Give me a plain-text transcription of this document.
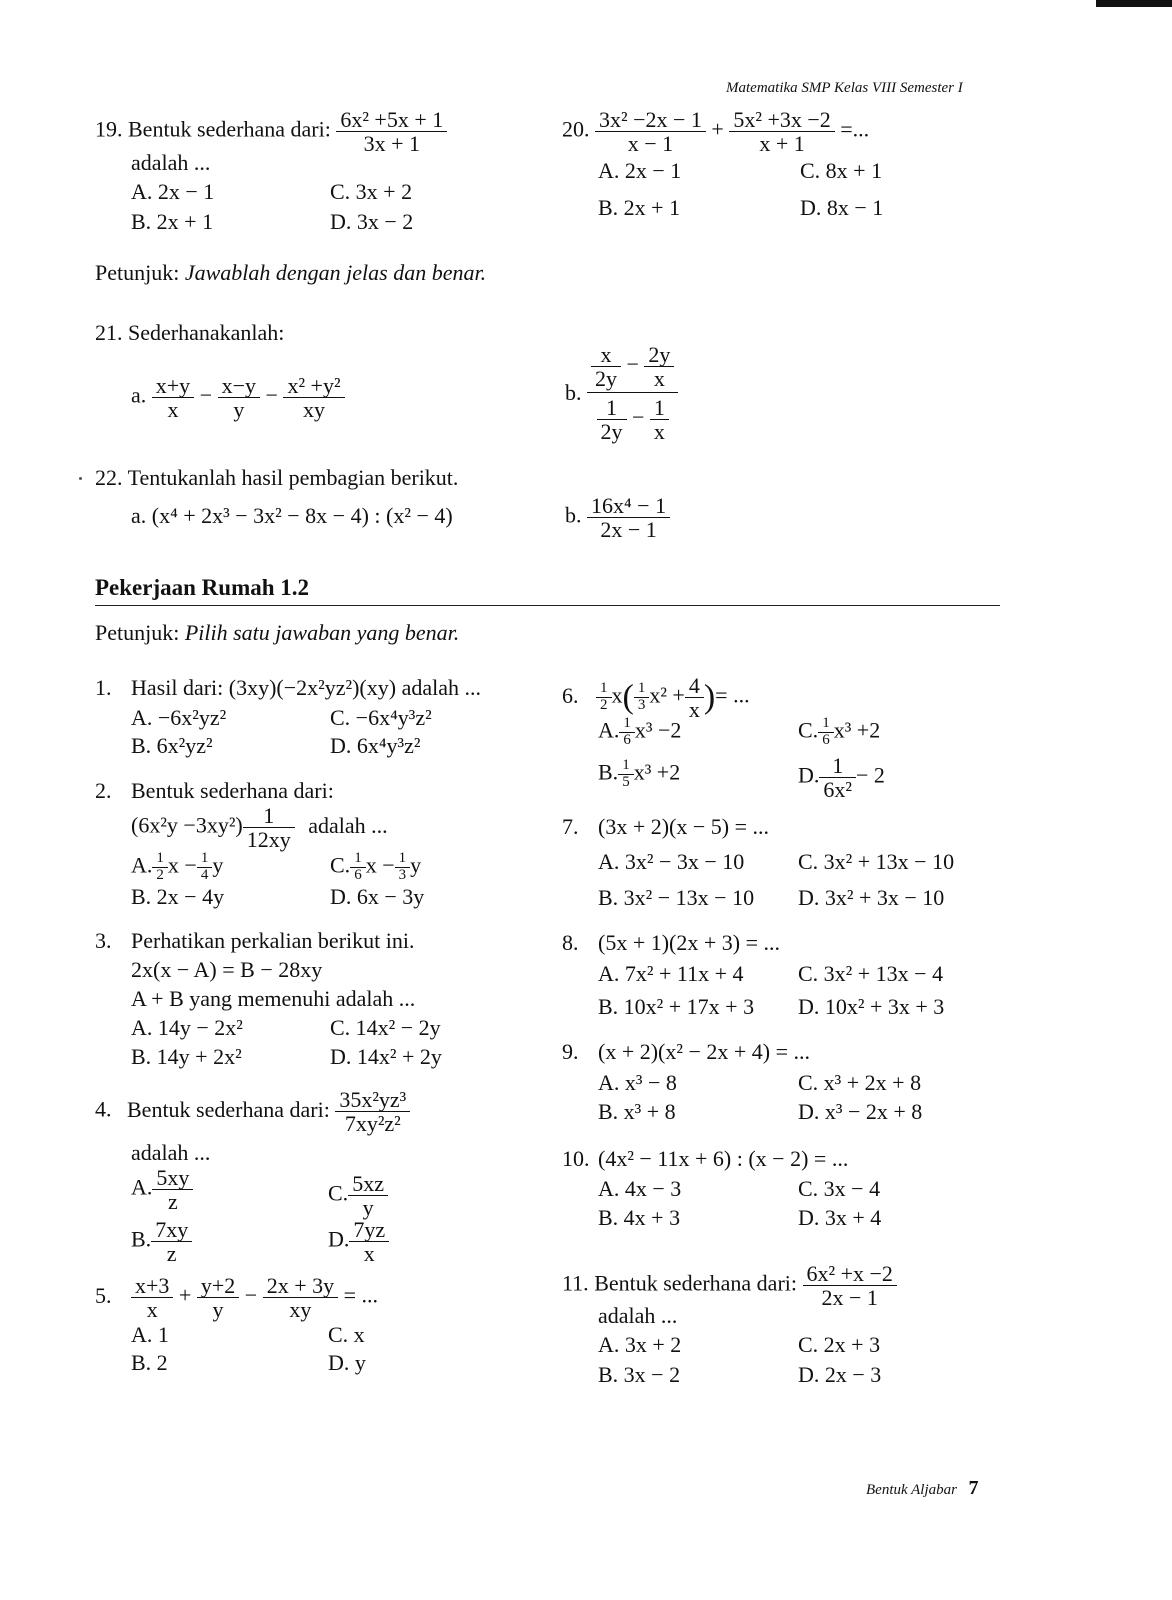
Matematika SMP Kelas VIII Semester I
19. Bentuk sederhana dari: $\frac{\text{6x² +5x + 1}}{3x + 1}$
adalah ...
A. 2x − 1
B. 2x + 1
C. 3x + 2
D. 3x − 2
20. $\frac{\text{3x² −2x − 1}}{x - 1} + \frac{\text{5x² +3x −2}}{x + 1}$ =...
A. 2x − 1
B. 2x + 1
C. 8x + 1
D. 8x − 1
Petunjuk: Jawablah dengan jelas dan benar.
21. Sederhanakanlah:
a. $\frac{x+y}{x} - \frac{x-y}{y} - \frac{\text{x² +y²}}{xy}$	b. $\frac{\frac{x}{2y} - \frac{2y}{x}}{\frac{1}{2y} - \frac{1}{x}}$
22. Tentukanlah hasil pembagian berikut.
a. (x⁴ + 2x³ − 3x² − 8x − 4) : (x² − 4)	b. $\frac{\text{16x⁴ − 1}}{2x - 1}$
Pekerjaan Rumah 1.2
Petunjuk: Pilih satu jawaban yang benar.
1. Hasil dari: (3xy)(−2x²yz²)(xy) adalah ...
A. −6x²yz²
B. 6x²yz²
C. −6x⁴y³z²
D. 6x⁴y³z²
2. Bentuk sederhana dari:
$(6x^2y -3xy^2) \frac{1}{12xy}$ adalah ...
A. $\frac{1}{2}$ $x - \frac{1}{4}$ y	C. $\frac{1}{6}$ $x - \frac{1}{3}$ y
B. 2x − 4y	D. 6x − 3y
3. Perhatikan perkalian berikut ini.
2x(x − A) = B − 28xy
A + B yang memenuhi adalah ...
A. 14y − 2x²
B. 14y + 2x²
C. 14x² − 2y
D. 14x² + 2y
4. Bentuk sederhana dari: $\frac{\text{35x²yz³}}{\text{7xy²z²}}$
adalah ...
A. $\frac{5xy}{z}$
B. $\frac{7xy}{z}$
C. $\frac{5xz}{y}$
D. $\frac{7yz}{x}$
5. $\frac{x+3}{x} + \frac{y+2}{y} - \frac{2x + 3y}{xy}$ = ...
A. 1
B. 2
C. x
D. y
6. $\frac{1}{2} x( \frac{1}{3} x^2 + \frac{4}{x}$ )= ...
A. $\frac{1}{6} x^3 -2$
B. $\frac{1}{5} x^3 +2$
C. $\frac{1}{6} x^3 +2$
D. $\frac{1}{\text{6x²}} - 2$
7. (3x + 2)(x − 5) = ...
A. 3x² − 3x − 10
B. 3x² − 13x − 10
C. 3x² + 13x − 10
D. 3x² + 3x − 10
8. (5x + 1)(2x + 3) = ...
A. 7x² + 11x + 4
B. 10x² + 17x + 3
C. 3x² + 13x − 4
D. 10x² + 3x + 3
9. (x + 2)(x² − 2x + 4) = ...
A. x³ − 8
B. x³ + 8
C. x³ + 2x + 8
D. x³ − 2x + 8
10. (4x² − 11x + 6) : (x − 2) = ...
A. 4x − 3
B. 4x + 3
C. 3x − 4
D. 3x + 4
11. Bentuk sederhana dari: $\frac{\text{6x² +x −2}}{2x - 1}$
adalah ...
A. 3x + 2
B. 3x − 2
C. 2x + 3
D. 2x − 3
Bentuk Aljabar 7
